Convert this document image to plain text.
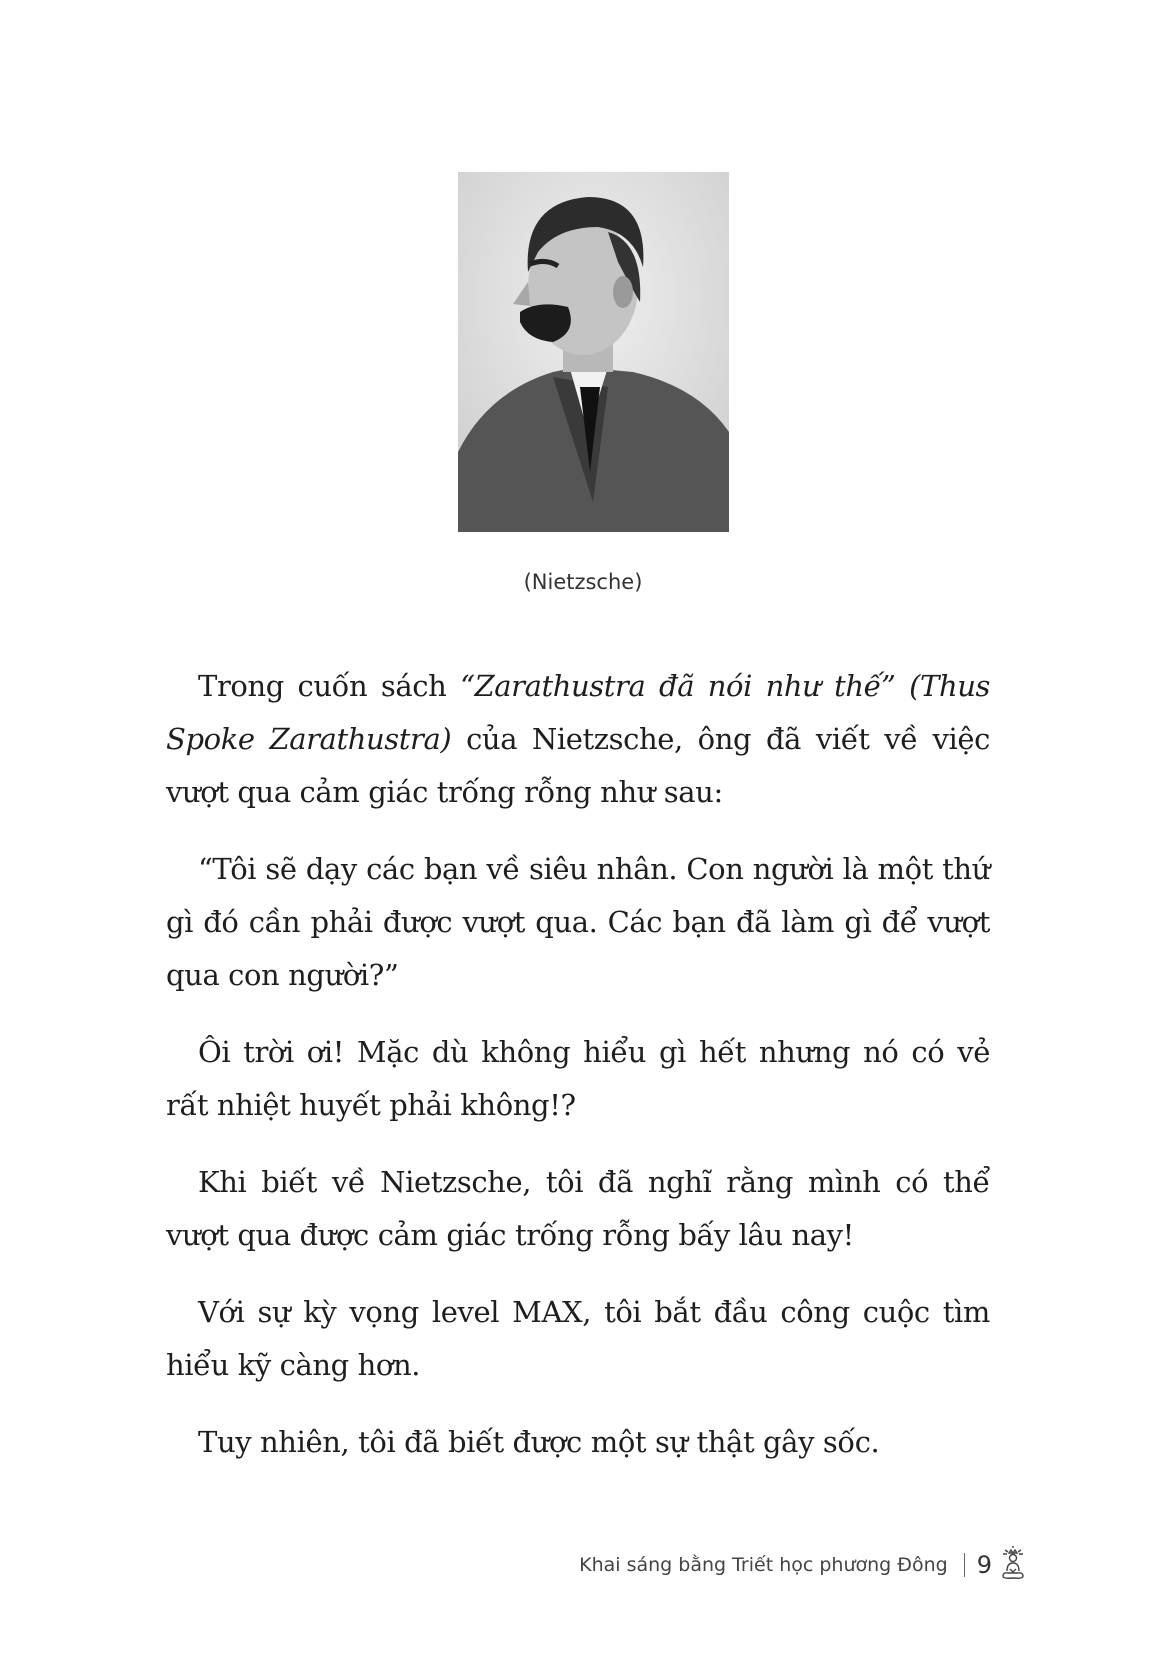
(Nietzsche)

Trong cuốn sách “Zarathustra đã nói như thế” (Thus Spoke Zarathustra) của Nietzsche, ông đã viết về việc vượt qua cảm giác trống rỗng như sau:

“Tôi sẽ dạy các bạn về siêu nhân. Con người là một thứ gì đó cần phải được vượt qua. Các bạn đã làm gì để vượt qua con người?”

Ôi trời ơi! Mặc dù không hiểu gì hết nhưng nó có vẻ rất nhiệt huyết phải không!?

Khi biết về Nietzsche, tôi đã nghĩ rằng mình có thể vượt qua được cảm giác trống rỗng bấy lâu nay!

Với sự kỳ vọng level MAX, tôi bắt đầu công cuộc tìm hiểu kỹ càng hơn.

Tuy nhiên, tôi đã biết được một sự thật gây sốc.

Khai sáng bằng Triết học phương Đông 9
